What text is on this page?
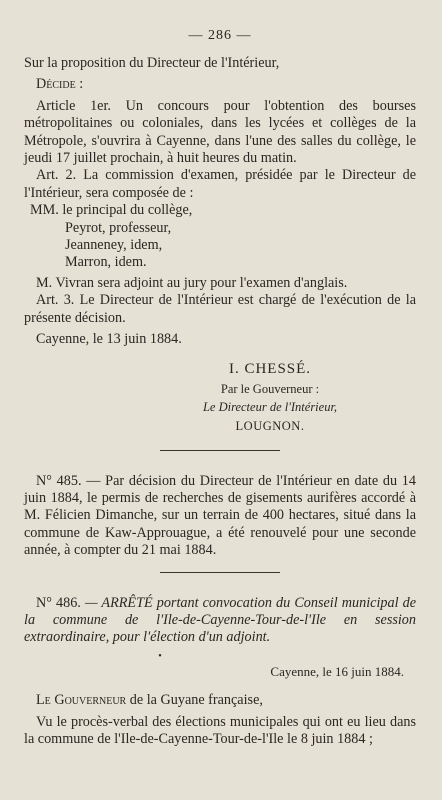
— 286 —

Sur la proposition du Directeur de l'Intérieur,

Décide :

Article 1er. Un concours pour l'obtention des bourses métropolitaines ou coloniales, dans les lycées et collèges de la Métropole, s'ouvrira à Cayenne, dans l'une des salles du collège, le jeudi 17 juillet prochain, à huit heures du matin.

Art. 2. La commission d'examen, présidée par le Directeur de l'Intérieur, sera composée de :

MM. le principal du collège,

Peyrot, professeur,

Jeanneney, idem,

Marron, idem.

M. Vivran sera adjoint au jury pour l'examen d'anglais.

Art. 3. Le Directeur de l'Intérieur est chargé de l'exécution de la présente décision.

Cayenne, le 13 juin 1884.

I. CHESSÉ.
Par le Gouverneur :
Le Directeur de l'Intérieur,
LOUGNON.

N° 485. — Par décision du Directeur de l'Intérieur en date du 14 juin 1884, le permis de recherches de gisements aurifères accordé à M. Félicien Dimanche, sur un terrain de 400 hectares, situé dans la commune de Kaw-Approuague, a été renouvelé pour une seconde année, à compter du 21 mai 1884.

N° 486. — ARRÊTÉ portant convocation du Conseil municipal de la commune de l'Ile-de-Cayenne-Tour-de-l'Ile en session extraordinaire, pour l'élection d'un adjoint.

•

Cayenne, le 16 juin 1884.

Le Gouverneur de la Guyane française,

Vu le procès-verbal des élections municipales qui ont eu lieu dans la commune de l'Ile-de-Cayenne-Tour-de-l'Ile le 8 juin 1884 ;
